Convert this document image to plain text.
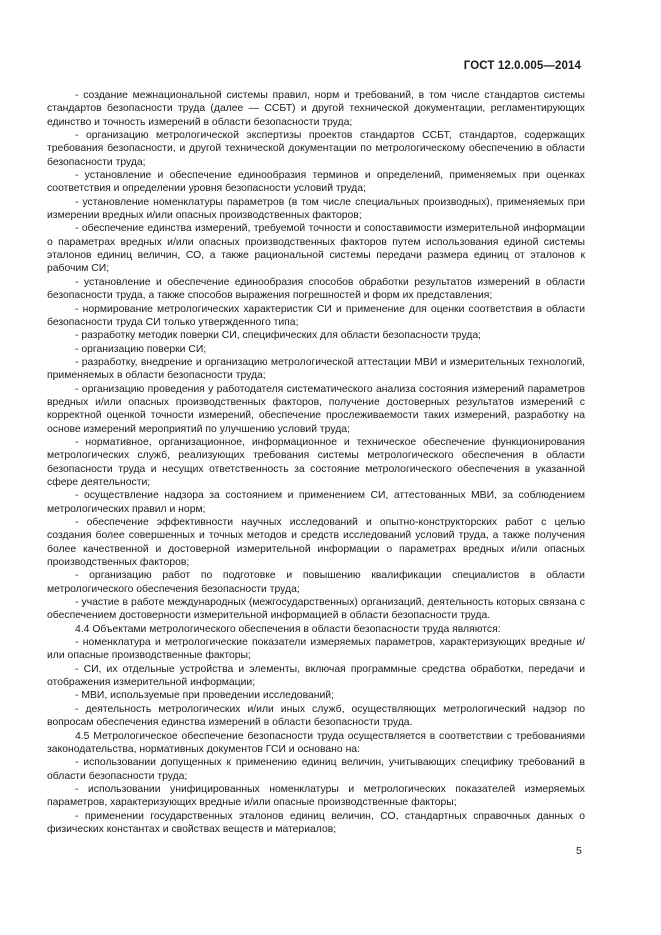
ГОСТ 12.0.005—2014

- создание межнациональной системы правил, норм и требований, в том числе стандартов системы стандартов безопасности труда (далее — ССБТ) и другой технической документации, регламентирующих единство и точность измерений в области безопасности труда;

- организацию метрологической экспертизы проектов стандартов ССБТ, стандартов, содержащих требования безопасности, и другой технической документации по метрологическому обеспечению в области безопасности труда;

- установление и обеспечение единообразия терминов и определений, применяемых при оценках соответствия и определении уровня безопасности условий труда;

- установление номенклатуры параметров (в том числе специальных производных), применяемых при измерении вредных и/или опасных производственных факторов;

- обеспечение единства измерений, требуемой точности и сопоставимости измерительной информации о параметрах вредных и/или опасных производственных факторов путем использования единой системы эталонов единиц величин, СО, а также рациональной системы передачи размера единиц от эталонов к рабочим СИ;

- установление и обеспечение единообразия способов обработки результатов измерений в области безопасности труда, а также способов выражения погрешностей и форм их представления;

- нормирование метрологических характеристик СИ и применение для оценки соответствия в области безопасности труда СИ только утвержденного типа;

- разработку методик поверки СИ, специфических для области безопасности труда;

- организацию поверки СИ;

- разработку, внедрение и организацию метрологической аттестации МВИ и измерительных технологий, применяемых в области безопасности труда;

- организацию проведения у работодателя систематического анализа состояния измерений параметров вредных и/или опасных производственных факторов, получение достоверных результатов измерений с корректной оценкой точности измерений, обеспечение прослеживаемости таких измерений, разработку на основе измерений мероприятий по улучшению условий труда;

- нормативное, организационное, информационное и техническое обеспечение функционирования метрологических служб, реализующих требования системы метрологического обеспечения в области безопасности труда и несущих ответственность за состояние метрологического обеспечения в указанной сфере деятельности;

- осуществление надзора за состоянием и применением СИ, аттестованных МВИ, за соблюдением метрологических правил и норм;

- обеспечение эффективности научных исследований и опытно-конструкторских работ с целью создания более совершенных и точных методов и средств исследований условий труда, а также получения более качественной и достоверной измерительной информации о параметрах вредных и/или опасных производственных факторов;

- организацию работ по подготовке и повышению квалификации специалистов в области метрологического обеспечения безопасности труда;

- участие в работе международных (межгосударственных) организаций, деятельность которых связана с обеспечением достоверности измерительной информацией в области безопасности труда.

4.4 Объектами метрологического обеспечения в области безопасности труда являются:

- номенклатура и метрологические показатели измеряемых параметров, характеризующих вредные и/или опасные производственные факторы;

- СИ, их отдельные устройства и элементы, включая программные средства обработки, передачи и отображения измерительной информации;

- МВИ, используемые при проведении исследований;

- деятельность метрологических и/или иных служб, осуществляющих метрологический надзор по вопросам обеспечения единства измерений в области безопасности труда.

4.5 Метрологическое обеспечение безопасности труда осуществляется в соответствии с требованиями законодательства, нормативных документов ГСИ и основано на:

- использовании допущенных к применению единиц величин, учитывающих специфику требований в области безопасности труда;

- использовании унифицированных номенклатуры и метрологических показателей измеряемых параметров, характеризующих вредные и/или опасные производственные факторы;

- применении государственных эталонов единиц величин, СО, стандартных справочных данных о физических константах и свойствах веществ и материалов;

5
